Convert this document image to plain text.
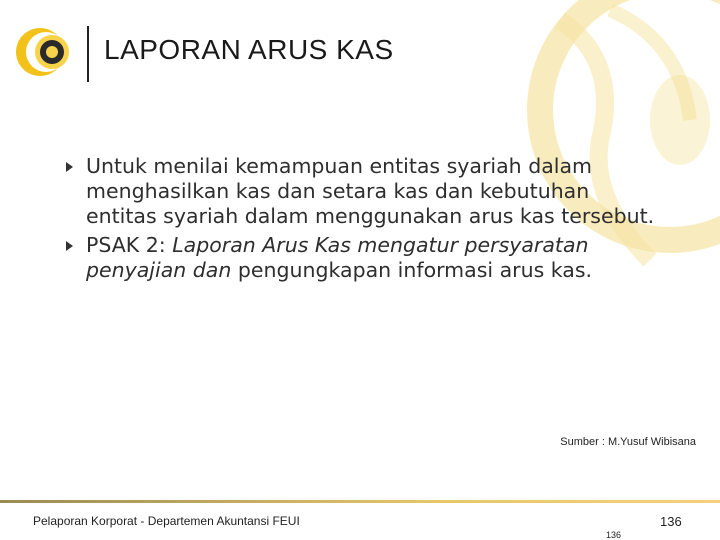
LAPORAN ARUS KAS

Untuk menilai kemampuan entitas syariah dalam menghasilkan kas dan setara kas dan kebutuhan entitas syariah dalam menggunakan arus kas tersebut.

PSAK 2: Laporan Arus Kas mengatur persyaratan penyajian dan pengungkapan informasi arus kas.

Sumber : M.Yusuf Wibisana
Pelaporan Korporat - Departemen Akuntansi FEUI	136
136
